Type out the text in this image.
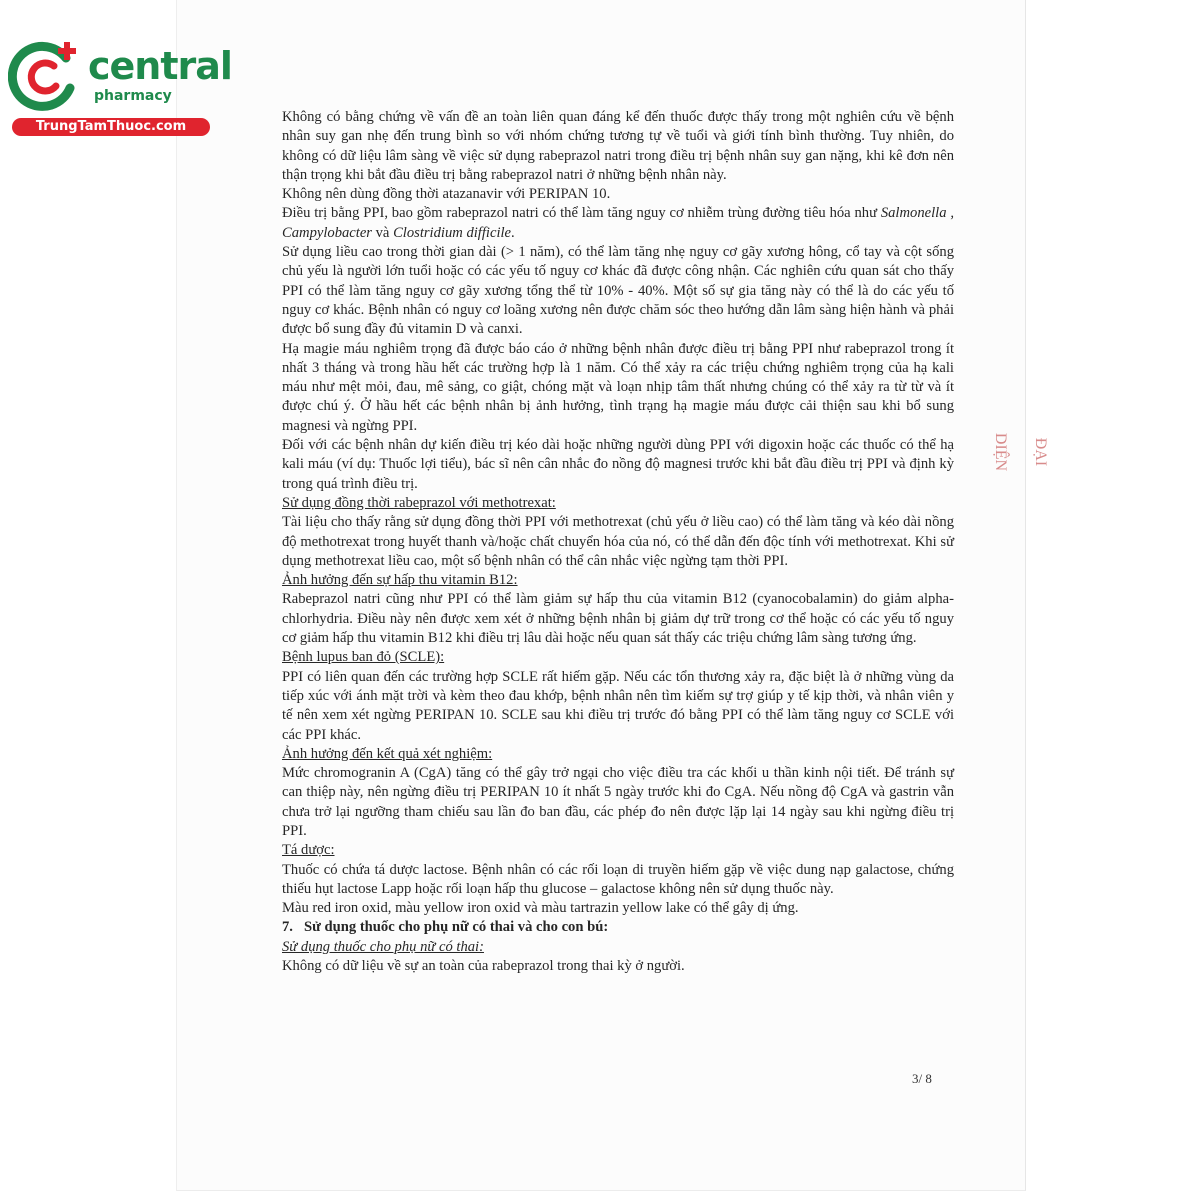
central
pharmacy
TrungTamThuoc.com

Không có bằng chứng về vấn đề an toàn liên quan đáng kể đến thuốc được thấy trong một nghiên cứu về bệnh nhân suy gan nhẹ đến trung bình so với nhóm chứng tương tự về tuổi và giới tính bình thường. Tuy nhiên, do không có dữ liệu lâm sàng về việc sử dụng rabeprazol natri trong điều trị bệnh nhân suy gan nặng, khi kê đơn nên thận trọng khi bắt đầu điều trị bằng rabeprazol natri ở những bệnh nhân này.

Không nên dùng đồng thời atazanavir với PERIPAN 10.

Điều trị bằng PPI, bao gồm rabeprazol natri có thể làm tăng nguy cơ nhiễm trùng đường tiêu hóa như Salmonella , Campylobacter và Clostridium difficile.

Sử dụng liều cao trong thời gian dài (> 1 năm), có thể làm tăng nhẹ nguy cơ gãy xương hông, cổ tay và cột sống chủ yếu là người lớn tuổi hoặc có các yếu tố nguy cơ khác đã được công nhận. Các nghiên cứu quan sát cho thấy PPI có thể làm tăng nguy cơ gãy xương tổng thể từ 10% - 40%. Một số sự gia tăng này có thể là do các yếu tố nguy cơ khác. Bệnh nhân có nguy cơ loãng xương nên được chăm sóc theo hướng dẫn lâm sàng hiện hành và phải được bổ sung đầy đủ vitamin D và canxi.

Hạ magie máu nghiêm trọng đã được báo cáo ở những bệnh nhân được điều trị bằng PPI như rabeprazol trong ít nhất 3 tháng và trong hầu hết các trường hợp là 1 năm. Có thể xảy ra các triệu chứng nghiêm trọng của hạ kali máu như mệt mỏi, đau, mê sảng, co giật, chóng mặt và loạn nhịp tâm thất nhưng chúng có thể xảy ra từ từ và ít được chú ý. Ở hầu hết các bệnh nhân bị ảnh hưởng, tình trạng hạ magie máu được cải thiện sau khi bổ sung magnesi và ngừng PPI.

Đối với các bệnh nhân dự kiến điều trị kéo dài hoặc những người dùng PPI với digoxin hoặc các thuốc có thể hạ kali máu (ví dụ: Thuốc lợi tiểu), bác sĩ nên cân nhắc đo nồng độ magnesi trước khi bắt đầu điều trị PPI và định kỳ trong quá trình điều trị.

Sử dụng đồng thời rabeprazol với methotrexat:

Tài liệu cho thấy rằng sử dụng đồng thời PPI với methotrexat (chủ yếu ở liều cao) có thể làm tăng và kéo dài nồng độ methotrexat trong huyết thanh và/hoặc chất chuyển hóa của nó, có thể dẫn đến độc tính với methotrexat. Khi sử dụng methotrexat liều cao, một số bệnh nhân có thể cân nhắc việc ngừng tạm thời PPI.

Ảnh hưởng đến sự hấp thu vitamin B12:

Rabeprazol natri cũng như PPI có thể làm giảm sự hấp thu của vitamin B12 (cyanocobalamin) do giảm alpha-chlorhydria. Điều này nên được xem xét ở những bệnh nhân bị giảm dự trữ trong cơ thể hoặc có các yếu tố nguy cơ giảm hấp thu vitamin B12 khi điều trị lâu dài hoặc nếu quan sát thấy các triệu chứng lâm sàng tương ứng.

Bệnh lupus ban đỏ (SCLE):

PPI có liên quan đến các trường hợp SCLE rất hiếm gặp. Nếu các tổn thương xảy ra, đặc biệt là ở những vùng da tiếp xúc với ánh mặt trời và kèm theo đau khớp, bệnh nhân nên tìm kiếm sự trợ giúp y tế kịp thời, và nhân viên y tế nên xem xét ngừng PERIPAN 10. SCLE sau khi điều trị trước đó bằng PPI có thể làm tăng nguy cơ SCLE với các PPI khác.

Ảnh hưởng đến kết quả xét nghiệm:

Mức chromogranin A (CgA) tăng có thể gây trở ngại cho việc điều tra các khối u thần kinh nội tiết. Để tránh sự can thiệp này, nên ngừng điều trị PERIPAN 10 ít nhất 5 ngày trước khi đo CgA. Nếu nồng độ CgA và gastrin vẫn chưa trở lại ngưỡng tham chiếu sau lần đo ban đầu, các phép đo nên được lặp lại 14 ngày sau khi ngừng điều trị PPI.

Tá dược:

Thuốc có chứa tá dược lactose. Bệnh nhân có các rối loạn di truyền hiếm gặp về việc dung nạp galactose, chứng thiếu hụt lactose Lapp hoặc rối loạn hấp thu glucose – galactose không nên sử dụng thuốc này.

Màu red iron oxid, màu yellow iron oxid và màu tartrazin yellow lake có thể gây dị ứng.

7. Sử dụng thuốc cho phụ nữ có thai và cho con bú:

Sử dụng thuốc cho phụ nữ có thai:

Không có dữ liệu về sự an toàn của rabeprazol trong thai kỳ ở người.

3/ 8
ĐẠI DIỆN
